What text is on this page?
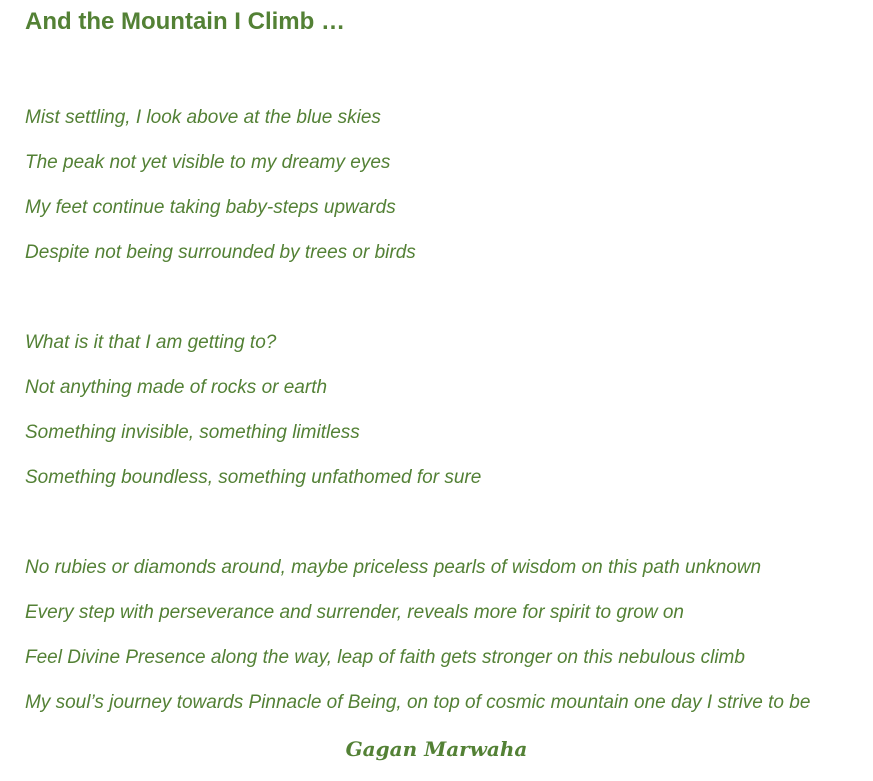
And the Mountain I Climb …
Mist settling, I look above at the blue skies
The peak not yet visible to my dreamy eyes
My feet continue taking baby-steps upwards
Despite not being surrounded by trees or birds
What is it that I am getting to?
Not anything made of rocks or earth
Something invisible, something limitless
Something boundless, something unfathomed for sure
No rubies or diamonds around, maybe priceless pearls of wisdom on this path unknown
Every step with perseverance and surrender, reveals more for spirit to grow on
Feel Divine Presence along the way, leap of faith gets stronger on this nebulous climb
My soul’s journey towards Pinnacle of Being, on top of cosmic mountain one day I strive to be
Gagan Marwaha
